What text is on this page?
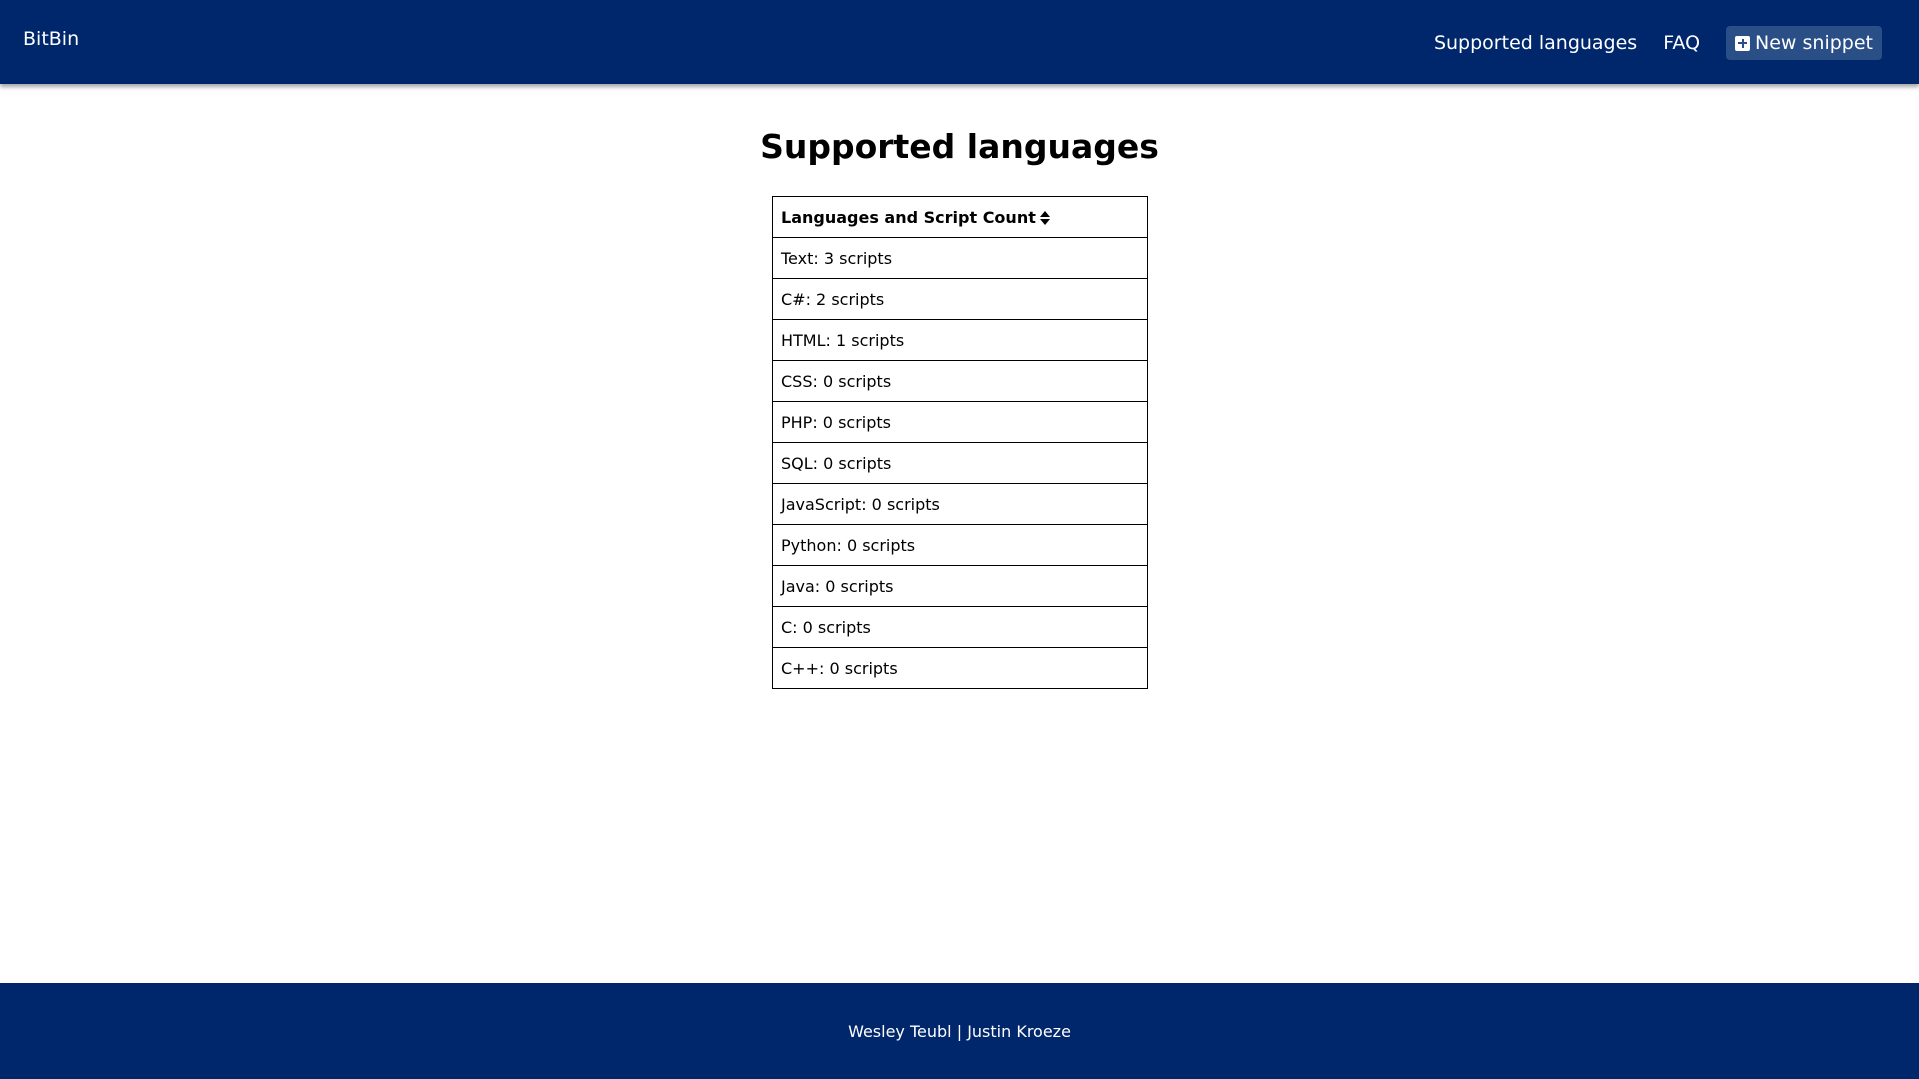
BitBin	Supported languages FAQ	New snippet
Supported languages
Languages and Script Count
Text: 3 scripts
C#: 2 scripts
HTML: 1 scripts
CSS: 0 scripts
PHP: 0 scripts
SQL: 0 scripts
JavaScript: 0 scripts
Python: 0 scripts
Java: 0 scripts
C: 0 scripts
C++: 0 scripts
Wesley Teubl | Justin Kroeze
